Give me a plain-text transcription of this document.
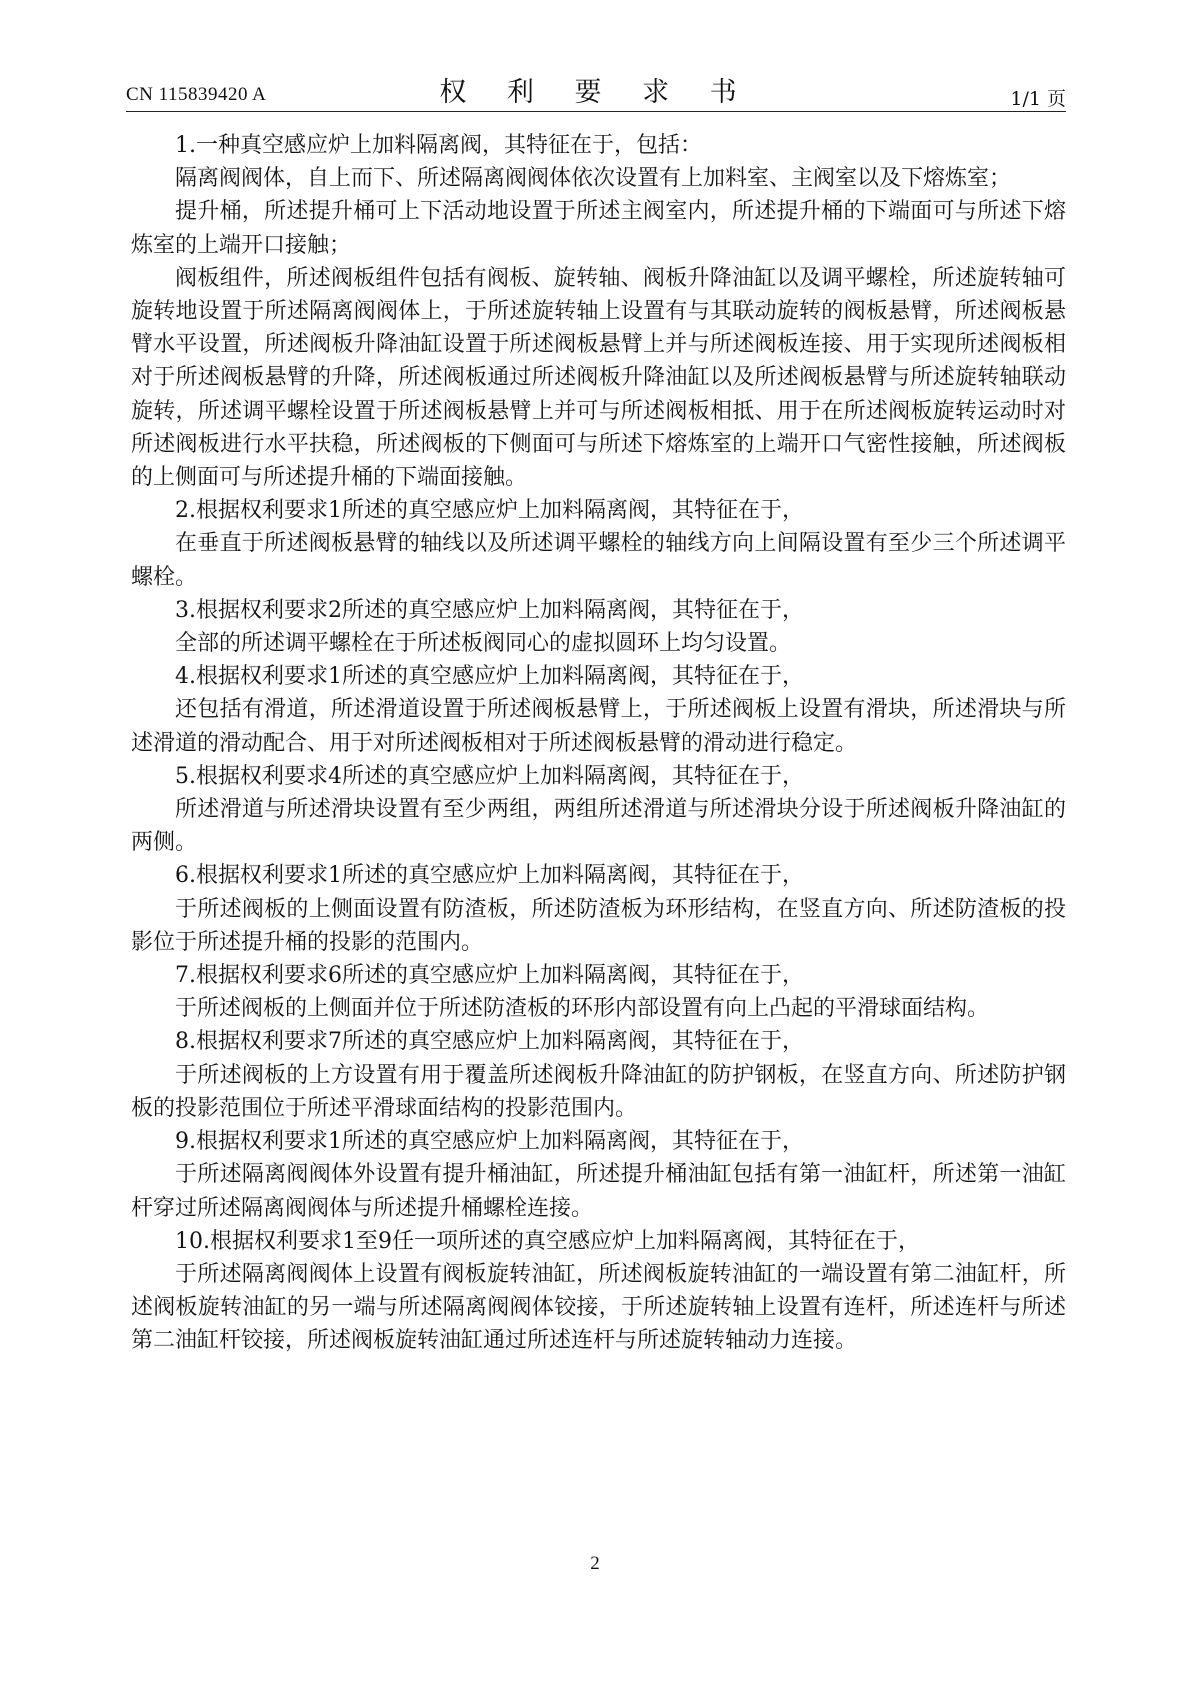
CN 115839420 A	权 利 要 求 书	1/1 页

1.一种真空感应炉上加料隔离阀，其特征在于，包括：

隔离阀阀体，自上而下、所述隔离阀阀体依次设置有上加料室、主阀室以及下熔炼室；

提升桶，所述提升桶可上下活动地设置于所述主阀室内，所述提升桶的下端面可与所述下熔炼室的上端开口接触；

阀板组件，所述阀板组件包括有阀板、旋转轴、阀板升降油缸以及调平螺栓，所述旋转轴可旋转地设置于所述隔离阀阀体上，于所述旋转轴上设置有与其联动旋转的阀板悬臂，所述阀板悬臂水平设置，所述阀板升降油缸设置于所述阀板悬臂上并与所述阀板连接、用于实现所述阀板相对于所述阀板悬臂的升降，所述阀板通过所述阀板升降油缸以及所述阀板悬臂与所述旋转轴联动旋转，所述调平螺栓设置于所述阀板悬臂上并可与所述阀板相抵、用于在所述阀板旋转运动时对所述阀板进行水平扶稳，所述阀板的下侧面可与所述下熔炼室的上端开口气密性接触，所述阀板的上侧面可与所述提升桶的下端面接触。

2.根据权利要求1所述的真空感应炉上加料隔离阀，其特征在于，

在垂直于所述阀板悬臂的轴线以及所述调平螺栓的轴线方向上间隔设置有至少三个所述调平螺栓。

3.根据权利要求2所述的真空感应炉上加料隔离阀，其特征在于，

全部的所述调平螺栓在于所述板阀同心的虚拟圆环上均匀设置。

4.根据权利要求1所述的真空感应炉上加料隔离阀，其特征在于，

还包括有滑道，所述滑道设置于所述阀板悬臂上，于所述阀板上设置有滑块，所述滑块与所述滑道的滑动配合、用于对所述阀板相对于所述阀板悬臂的滑动进行稳定。

5.根据权利要求4所述的真空感应炉上加料隔离阀，其特征在于，

所述滑道与所述滑块设置有至少两组，两组所述滑道与所述滑块分设于所述阀板升降油缸的两侧。

6.根据权利要求1所述的真空感应炉上加料隔离阀，其特征在于，

于所述阀板的上侧面设置有防渣板，所述防渣板为环形结构，在竖直方向、所述防渣板的投影位于所述提升桶的投影的范围内。

7.根据权利要求6所述的真空感应炉上加料隔离阀，其特征在于，

于所述阀板的上侧面并位于所述防渣板的环形内部设置有向上凸起的平滑球面结构。

8.根据权利要求7所述的真空感应炉上加料隔离阀，其特征在于，

于所述阀板的上方设置有用于覆盖所述阀板升降油缸的防护钢板，在竖直方向、所述防护钢板的投影范围位于所述平滑球面结构的投影范围内。

9.根据权利要求1所述的真空感应炉上加料隔离阀，其特征在于，

于所述隔离阀阀体外设置有提升桶油缸，所述提升桶油缸包括有第一油缸杆，所述第一油缸杆穿过所述隔离阀阀体与所述提升桶螺栓连接。

10.根据权利要求1至9任一项所述的真空感应炉上加料隔离阀，其特征在于，

于所述隔离阀阀体上设置有阀板旋转油缸，所述阀板旋转油缸的一端设置有第二油缸杆，所述阀板旋转油缸的另一端与所述隔离阀阀体铰接，于所述旋转轴上设置有连杆，所述连杆与所述第二油缸杆铰接，所述阀板旋转油缸通过所述连杆与所述旋转轴动力连接。

2
